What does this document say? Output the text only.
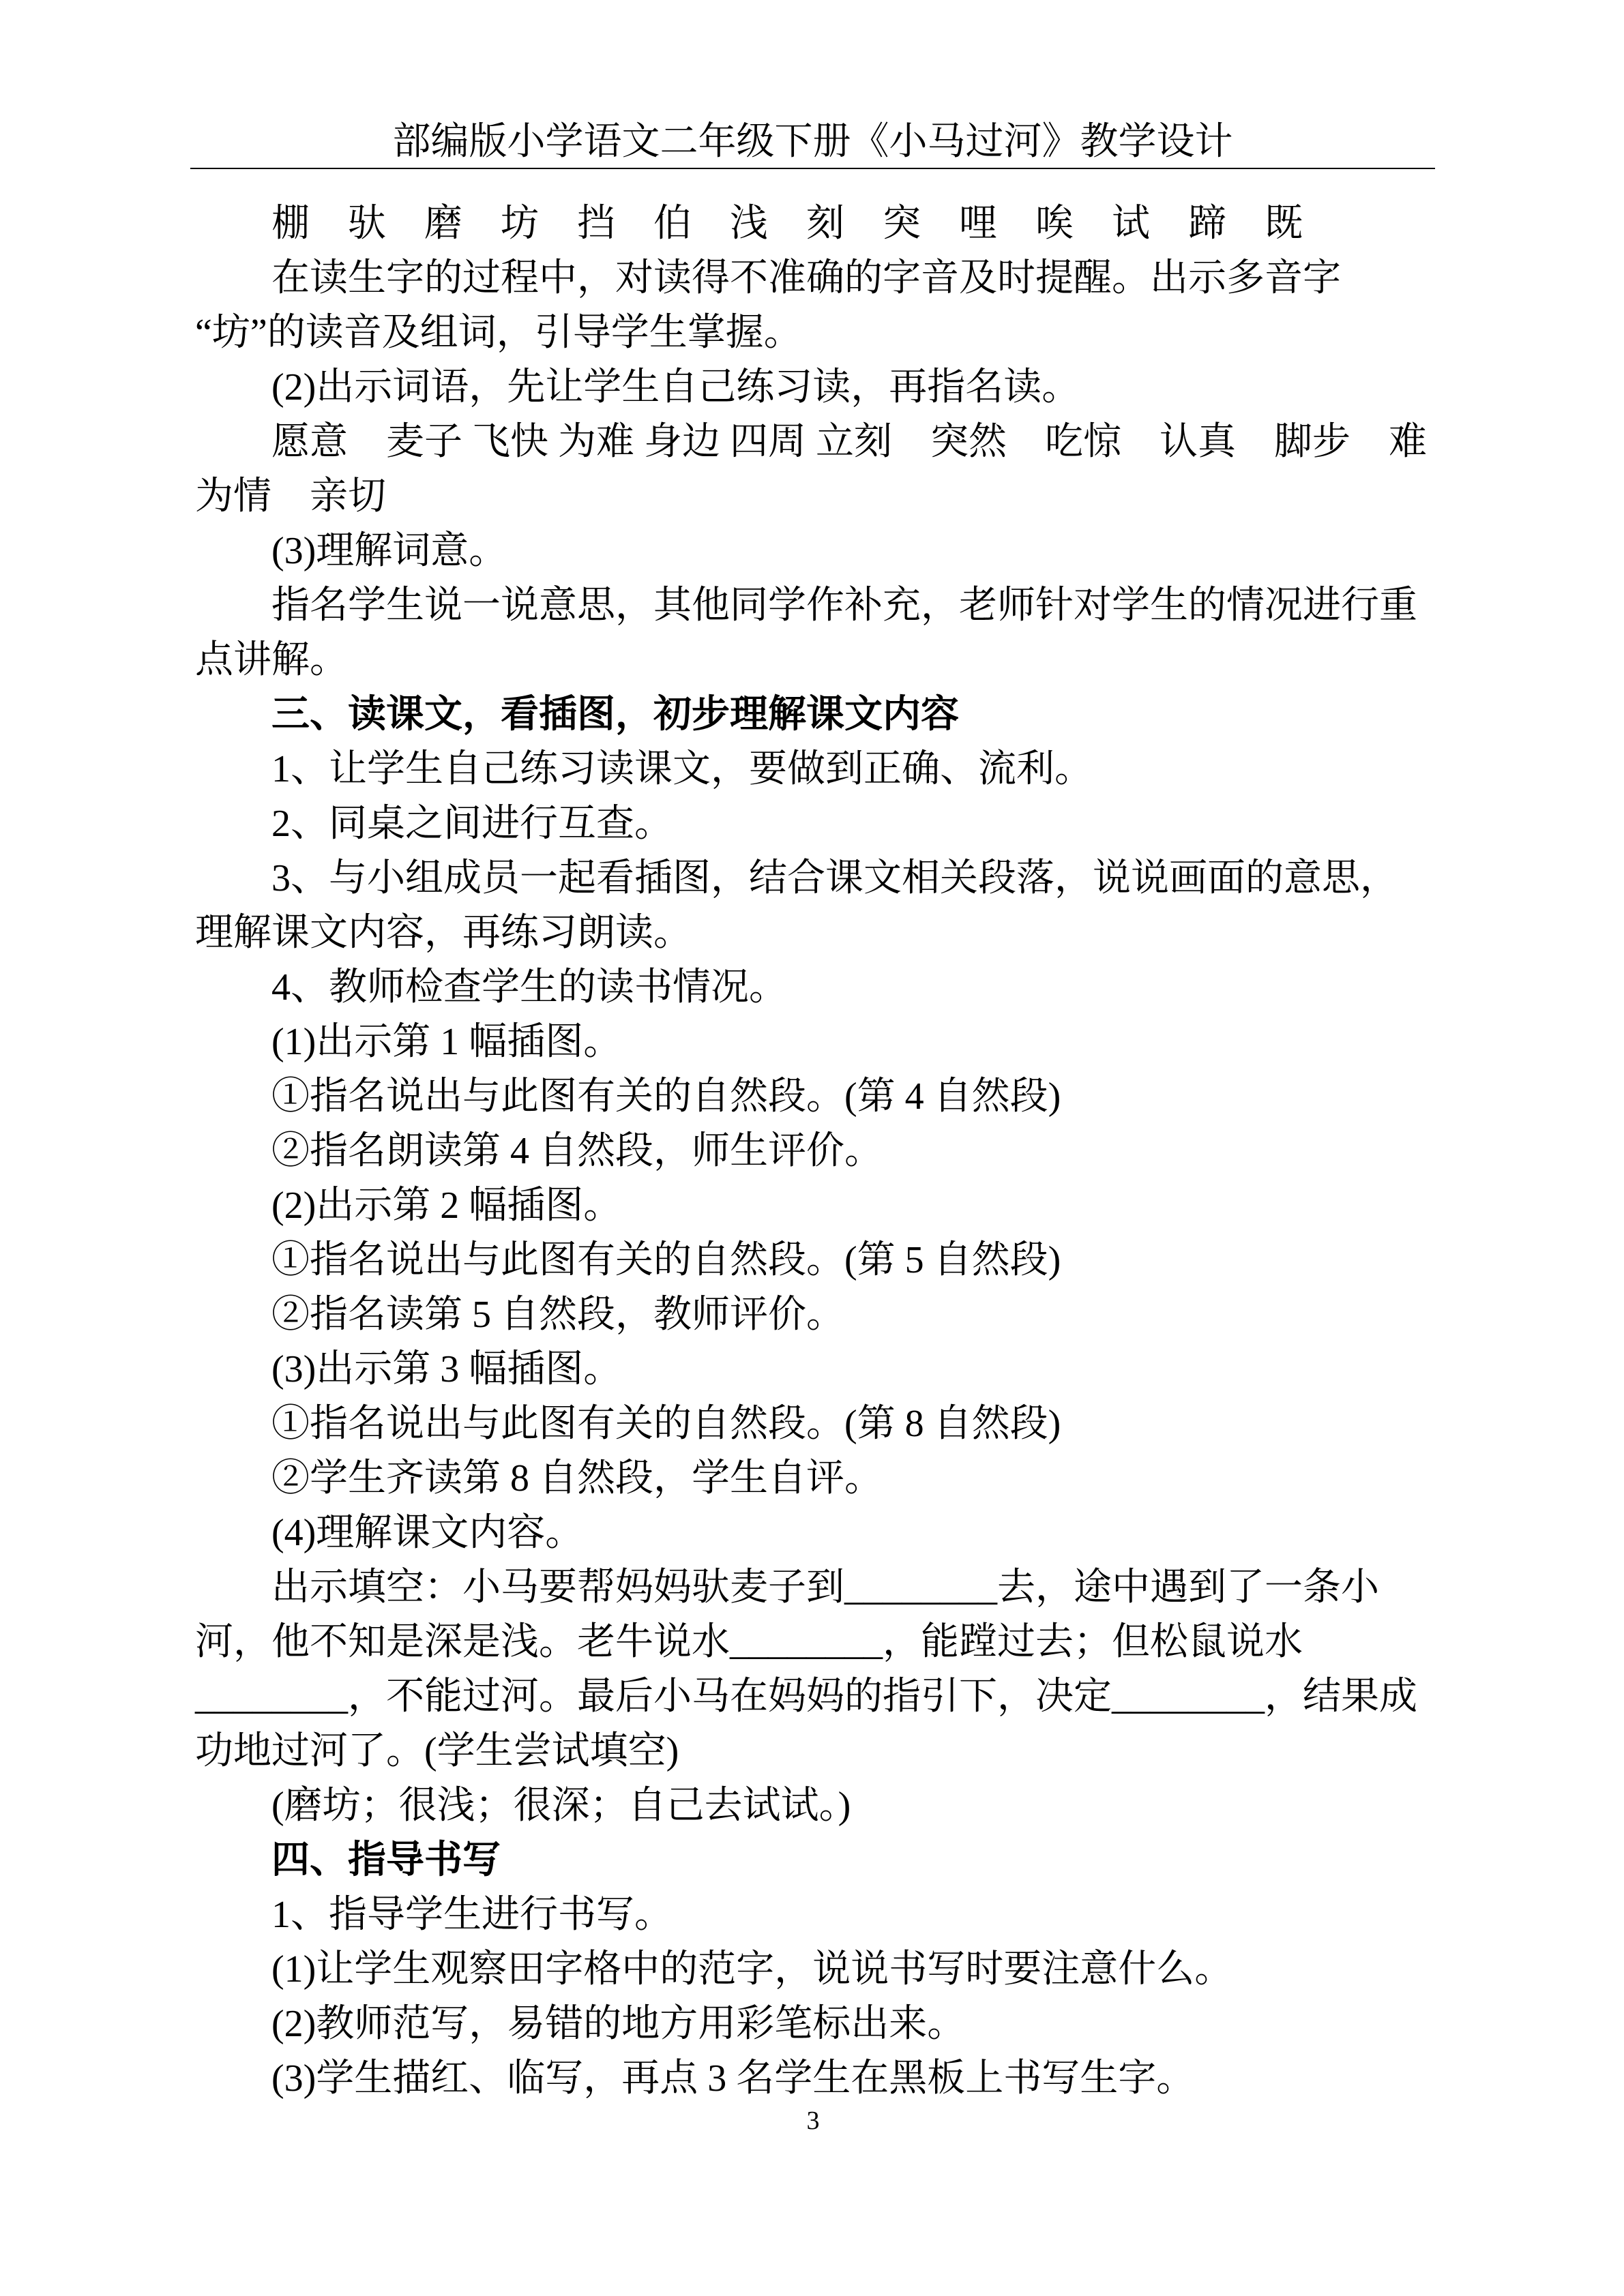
部编版小学语文二年级下册《小马过河》教学设计
棚　驮　磨　坊　挡　伯　浅　刻　突　哩　唉　试　蹄　既
在读生字的过程中，对读得不准确的字音及时提醒。出示多音字
“坊”的读音及组词，引导学生掌握。
(2)出示词语，先让学生自己练习读，再指名读。
愿意　麦子 飞快 为难 身边 四周 立刻　突然　吃惊　认真　脚步　难
为情　亲切
(3)理解词意。
指名学生说一说意思，其他同学作补充，老师针对学生的情况进行重
点讲解。
三、读课文，看插图，初步理解课文内容
1、让学生自己练习读课文，要做到正确、流利。
2、同桌之间进行互查。
3、与小组成员一起看插图，结合课文相关段落，说说画面的意思，
理解课文内容，再练习朗读。
4、教师检查学生的读书情况。
(1)出示第 1 幅插图。
①指名说出与此图有关的自然段。(第 4 自然段)
②指名朗读第 4 自然段，师生评价。
(2)出示第 2 幅插图。
①指名说出与此图有关的自然段。(第 5 自然段)
②指名读第 5 自然段，教师评价。
(3)出示第 3 幅插图。
①指名说出与此图有关的自然段。(第 8 自然段)
②学生齐读第 8 自然段，学生自评。
(4)理解课文内容。
出示填空：小马要帮妈妈驮麦子到________去，途中遇到了一条小
河，他不知是深是浅。老牛说水________，能蹚过去；但松鼠说水
________，不能过河。最后小马在妈妈的指引下，决定________，结果成
功地过河了。(学生尝试填空)
(磨坊；很浅；很深；自己去试试。)
四、指导书写
1、指导学生进行书写。
(1)让学生观察田字格中的范字，说说书写时要注意什么。
(2)教师范写，易错的地方用彩笔标出来。
(3)学生描红、临写，再点 3 名学生在黑板上书写生字。
3
